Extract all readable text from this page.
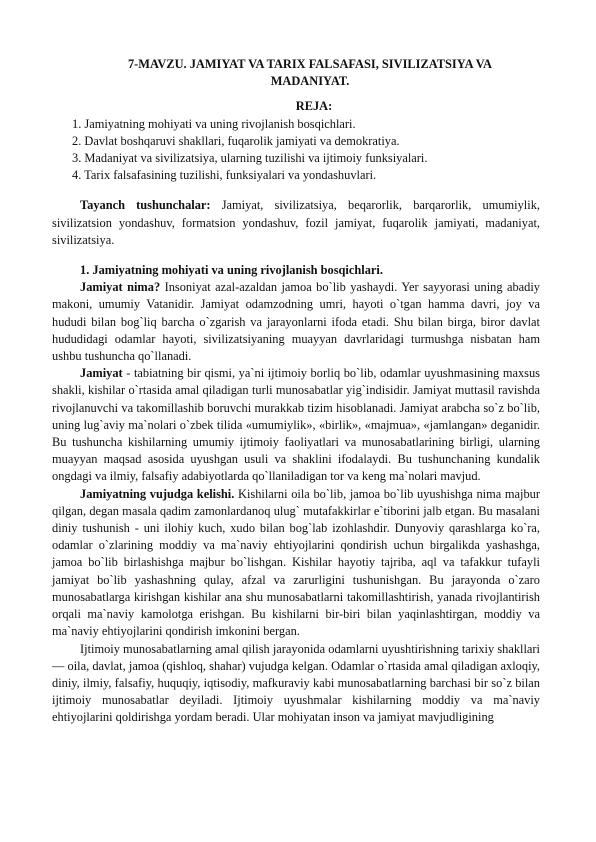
7-MAVZU. JAMIYAT VA TARIX FALSAFASI, SIVILIZATSIYA VA
MADANIYAT.
REJA:
1. Jamiyatning mohiyati va uning rivojlanish bosqichlari.
2. Davlat boshqaruvi shakllari, fuqarolik jamiyati va demokratiya.
3. Madaniyat va sivilizatsiya, ularning tuzilishi va ijtimoiy funksiyalari.
4. Tarix falsafasining tuzilishi, funksiyalari va yondashuvlari.

Tayanch tushunchalar: Jamiyat, sivilizatsiya, beqarorlik, barqarorlik, umumiylik, sivilizatsion yondashuv, formatsion yondashuv, fozil jamiyat, fuqarolik jamiyati, madaniyat, sivilizatsiya.

1. Jamiyatning mohiyati va uning rivojlanish bosqichlari.

Jamiyat nima? Insoniyat azal-azaldan jamoa bo`lib yashaydi. Yer sayyorasi uning abadiy makoni, umumiy Vatanidir. Jamiyat odamzodning umri, hayoti o`tgan hamma davri, joy va hududi bilan bog`liq barcha o`zgarish va jarayonlarni ifoda etadi. Shu bilan birga, biror davlat hududidagi odamlar hayoti, sivilizatsiyaning muayyan davrlaridagi turmushga nisbatan ham ushbu tushuncha qo`llanadi.

Jamiyat - tabiatning bir qismi, ya`ni ijtimoiy borliq bo`lib, odamlar uyushmasining maxsus shakli, kishilar o`rtasida amal qiladigan turli munosabatlar yig`indisidir. Jamiyat muttasil ravishda rivojlanuvchi va takomillashib boruvchi murakkab tizim hisoblanadi. Jamiyat arabcha so`z bo`lib, uning lug`aviy ma`nolari o`zbek tilida «umumiylik», «birlik», «majmua», «jamlangan» deganidir. Bu tushuncha kishilarning umumiy ijtimoiy faoliyatlari va munosabatlarining birligi, ularning muayyan maqsad asosida uyushgan usuli va shaklini ifodalaydi. Bu tushunchaning kundalik ongdagi va ilmiy, falsafiy adabiyotlarda qo`llaniladigan tor va keng ma`nolari mavjud.

Jamiyatning vujudga kelishi. Kishilarni oila bo`lib, jamoa bo`lib uyushishga nima majbur qilgan, degan masala qadim zamonlardanoq ulug` mutafakkirlar e`tiborini jalb etgan. Bu masalani diniy tushunish - uni ilohiy kuch, xudo bilan bog`lab izohlashdir. Dunyoviy qarashlarga ko`ra, odamlar o`zlarining moddiy va ma`naviy ehtiyojlarini qondirish uchun birgalikda yashashga, jamoa bo`lib birlashishga majbur bo`lishgan. Kishilar hayotiy tajriba, aql va tafakkur tufayli jamiyat bo`lib yashashning qulay, afzal va zarurligini tushunishgan. Bu jarayonda o`zaro munosabatlarga kirishgan kishilar ana shu munosabatlarni takomillashtirish, yanada rivojlantirish orqali ma`naviy kamolotga erishgan. Bu kishilarni bir-biri bilan yaqinlashtirgan, moddiy va ma`naviy ehtiyojlarini qondirish imkonini bergan.

Ijtimoiy munosabatlarning amal qilish jarayonida odamlarni uyushtirishning tarixiy shakllari — oila, davlat, jamoa (qishloq, shahar) vujudga kelgan. Odamlar o`rtasida amal qiladigan axloqiy, diniy, ilmiy, falsafiy, huquqiy, iqtisodiy, mafkuraviy kabi munosabatlarning barchasi bir so`z bilan ijtimoiy munosabatlar deyiladi. Ijtimoiy uyushmalar kishilarning moddiy va ma`naviy ehtiyojlarini qoldirishga yordam beradi. Ular mohiyatan inson va jamiyat mavjudligining
